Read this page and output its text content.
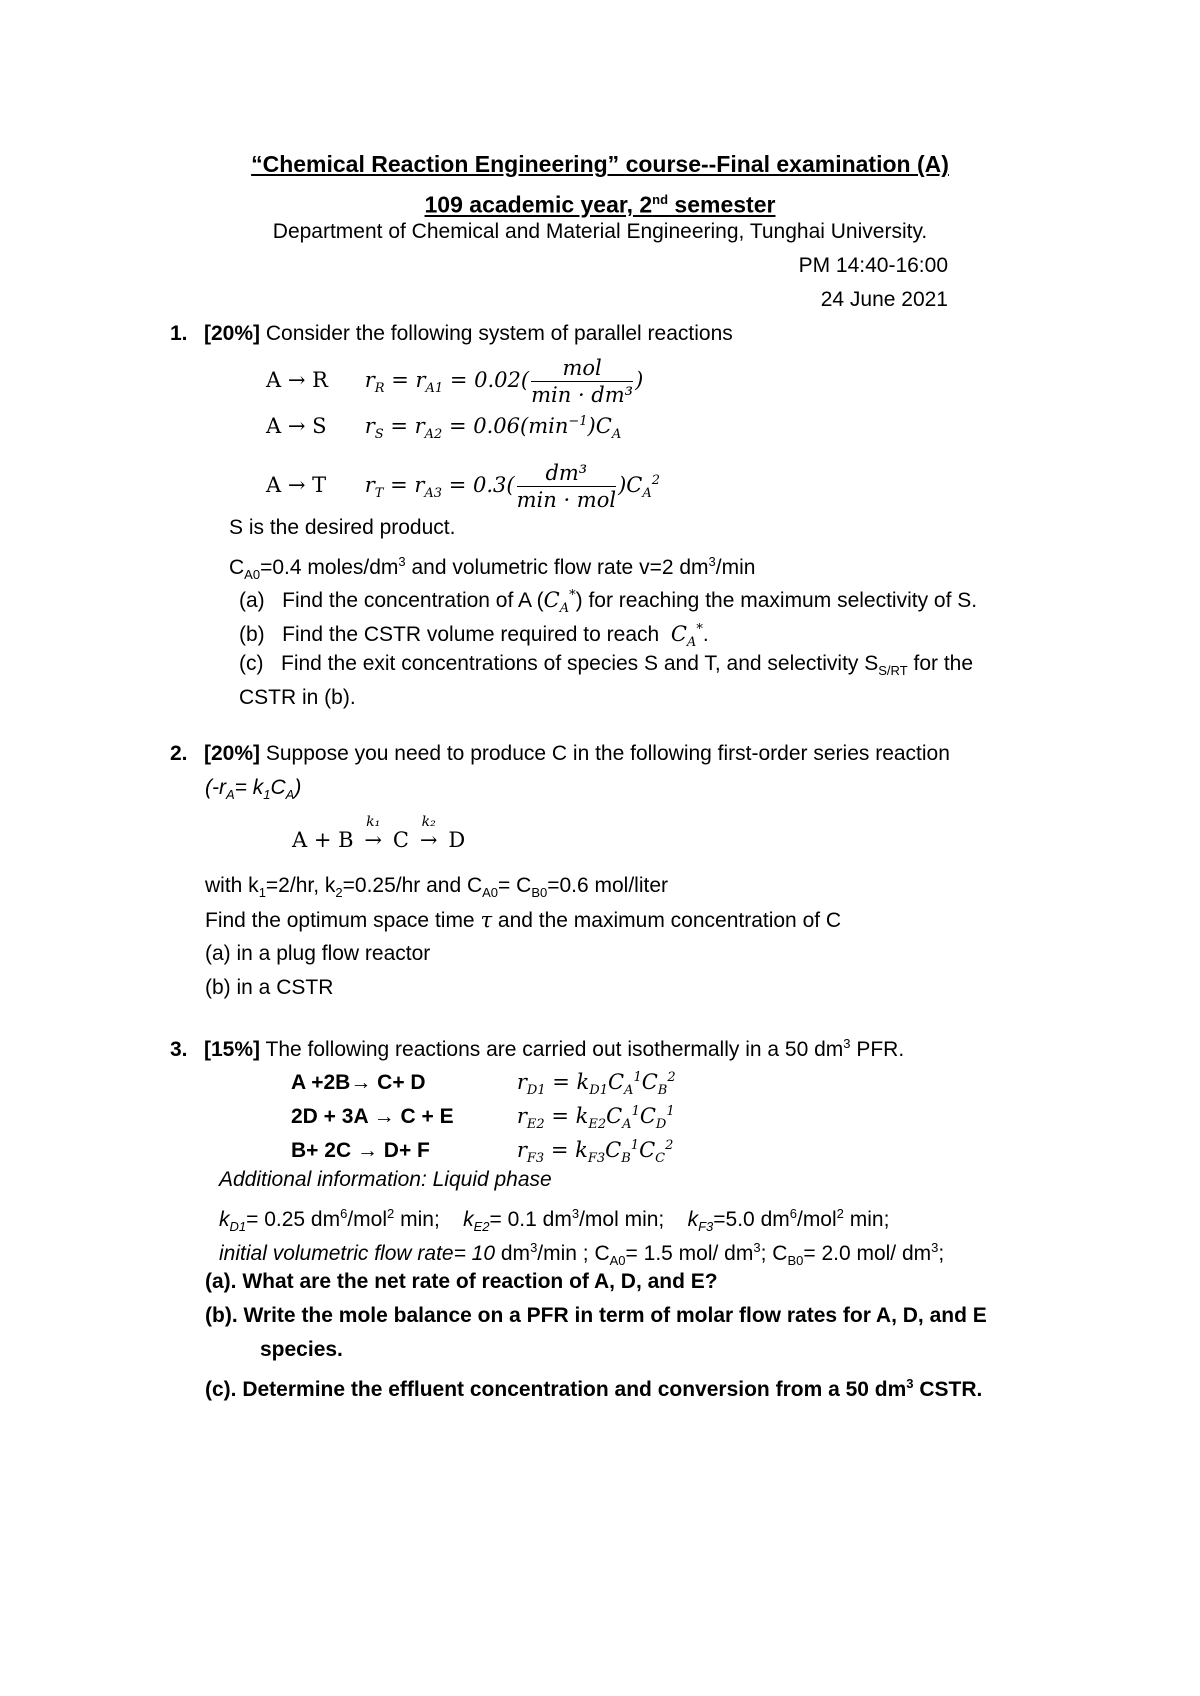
“Chemical Reaction Engineering” course--Final examination (A)
109 academic year, 2nd semester
Department of Chemical and Material Engineering, Tunghai University.
PM 14:40-16:00
24 June 2021
1. [20%] Consider the following system of parallel reactions
A → R $r_R = r_{A1} = 0.02( \frac{\text{mol}}{\text{min · dm³}}$ )
A → S $r_S = r_{A2} = 0.06(\min^{-1})C_A$
A → T $r_T = r_{A3} = 0.3( \frac{\text{dm³}}{\text{min · mol}} )C_A^2$
S is the desired product.
$C_{A0}=0.4$ moles/$dm^3$ and volumetric flow rate v=2 $dm^3/\min$
(a)   Find the concentration of A $(C_A^*)$ for reaching the maximum selectivity of S.
(b)   Find the CSTR volume required to reach  $C_A^*$.
(c)   Find the exit concentrations of species S and T, and selectivity $S_{S/RT}$ for the
CSTR in (b).
2. [20%] Suppose you need to produce C in the following first-order series reaction
$(-r_A= k_1C_A)$
A + B
k₁
→ C
k₂
→ D
with $k_1=2/hr$, $k_2=0.25/hr$ and $C_{A0}= C_{B0}=0.6$ mol/liter
Find the optimum space time τ and the maximum concentration of C
(a) in a plug flow reactor
(b) in a CSTR
3. [15%] The following reactions are carried out isothermally in a 50 $dm^3$ PFR.
A +2B→ C+ D	$r_{D1} = k_{D1}C_A^1C_B^2$
2D + 3A → C + E	$r_{E2} = k_{E2}C_A^1C_D^1$
B+ 2C → D+ F	$r_{F3} = k_{F3}C_B^1C_C^2$
Additional information: Liquid phase
$k_{D1}= 0.25$ $dm^6/mol^2$ min;    $k_{E2}= 0.1$ $dm^3$/mol min;    $k_{F3}=5.0$ $dm^6/mol^2$ min;
initial volumetric flow rate= 10 $dm^3/\min$ ; $C_{A0}= 1.5$ mol/ $dm^3$; $C_{B0}= 2.0$ mol/ $dm^3$;
(a). What are the net rate of reaction of A, D, and E?
(b). Write the mole balance on a PFR in term of molar flow rates for A, D, and E
species.
(c). Determine the effluent concentration and conversion from a 50 $dm^3$ CSTR.
